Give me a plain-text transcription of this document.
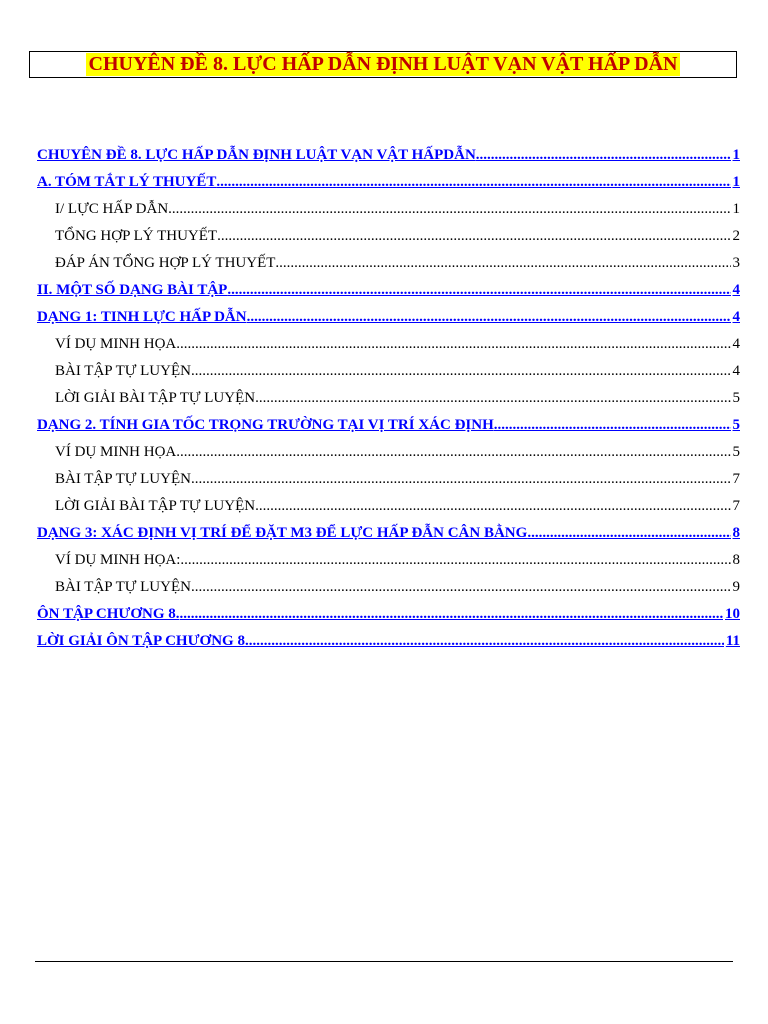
CHUYÊN ĐỀ 8. LỰC HẤP DẪN ĐỊNH LUẬT VẠN VẬT HẤP DẪN
CHUYÊN ĐỀ 8. LỰC HẤP DẪN ĐỊNH LUẬT VẠN VẬT HẤPDẪN .....	1
A. TÓM TẮT LÝ THUYẾT .....	1
I/ LỰC HẤP DẪN .....	1
TỔNG HỢP LÝ THUYẾT .....	2
ĐÁP ÁN TỔNG HỢP LÝ THUYẾT .....	3
II. MỘT SỐ DẠNG BÀI TẬP .....	4
DẠNG 1: TINH LỰC HẤP DẪN .....	4
VÍ DỤ MINH HỌA .....	4
BÀI TẬP TỰ LUYỆN .....	4
LỜI GIẢI BÀI TẬP TỰ LUYỆN .....	5
DẠNG 2. TÍNH GIA TỐC TRỌNG TRƯỜNG TẠI VỊ TRÍ XÁC ĐỊNH .....	5
VÍ DỤ MINH HỌA .....	5
BÀI TẬP TỰ LUYỆN .....	7
LỜI GIẢI BÀI TẬP TỰ LUYỆN .....	7
DẠNG 3: XÁC ĐỊNH VỊ TRÍ ĐỂ ĐẶT M3 ĐỂ LỰC HẤP ĐẪN CÂN BẰNG .....	8
VÍ DỤ MINH HỌA: .....	8
BÀI TẬP TỰ LUYỆN .....	9
ÔN TẬP CHƯƠNG 8. .....	10
LỜI GIẢI ÔN TẬP CHƯƠNG 8 .....	11
